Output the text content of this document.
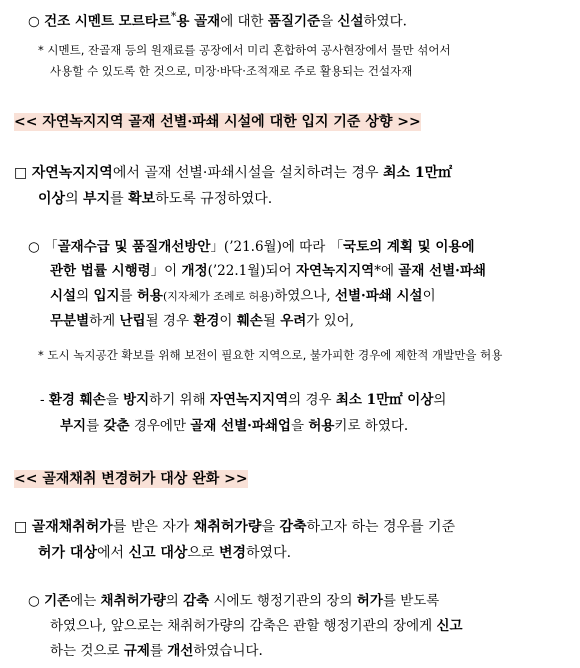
○ 건조 시멘트 모르타르*용 골재에 대한 품질기준을 신설하였다.
* 시멘트, 잔골재 등의 원재료를 공장에서 미리 혼합하여 공사현장에서 물만 섞어서
사용할 수 있도록 한 것으로, 미장·바닥·조적재로 주로 활용되는 건설자재
<< 자연녹지지역 골재 선별·파쇄 시설에 대한 입지 기준 상향 >>
□ 자연녹지지역에서 골재 선별·파쇄시설을 설치하려는 경우 최소 1만㎡
이상의 부지를 확보하도록 규정하였다.
○ 「골재수급 및 품질개선방안」(’21.6월)에 따라 「국토의 계획 및 이용에
관한 법률 시행령」이 개정(’22.1월)되어 자연녹지지역*에 골재 선별·파쇄
시설의 입지를 허용(지자체가 조례로 허용)하였으나, 선별·파쇄 시설이
무분별하게 난립될 경우 환경이 훼손될 우려가 있어,
* 도시 녹지공간 확보를 위해 보전이 필요한 지역으로, 불가피한 경우에 제한적 개발만을 허용
- 환경 훼손을 방지하기 위해 자연녹지지역의 경우 최소 1만㎡ 이상의
부지를 갖춘 경우에만 골재 선별·파쇄업을 허용키로 하였다.
<< 골재채취 변경허가 대상 완화 >>
□ 골재채취허가를 받은 자가 채취허가량을 감축하고자 하는 경우를 기준
허가 대상에서 신고 대상으로 변경하였다.
○ 기존에는 채취허가량의 감축 시에도 행정기관의 장의 허가를 받도록
하였으나, 앞으로는 채취허가량의 감축은 관할 행정기관의 장에게 신고
하는 것으로 규제를 개선하였습니다.
